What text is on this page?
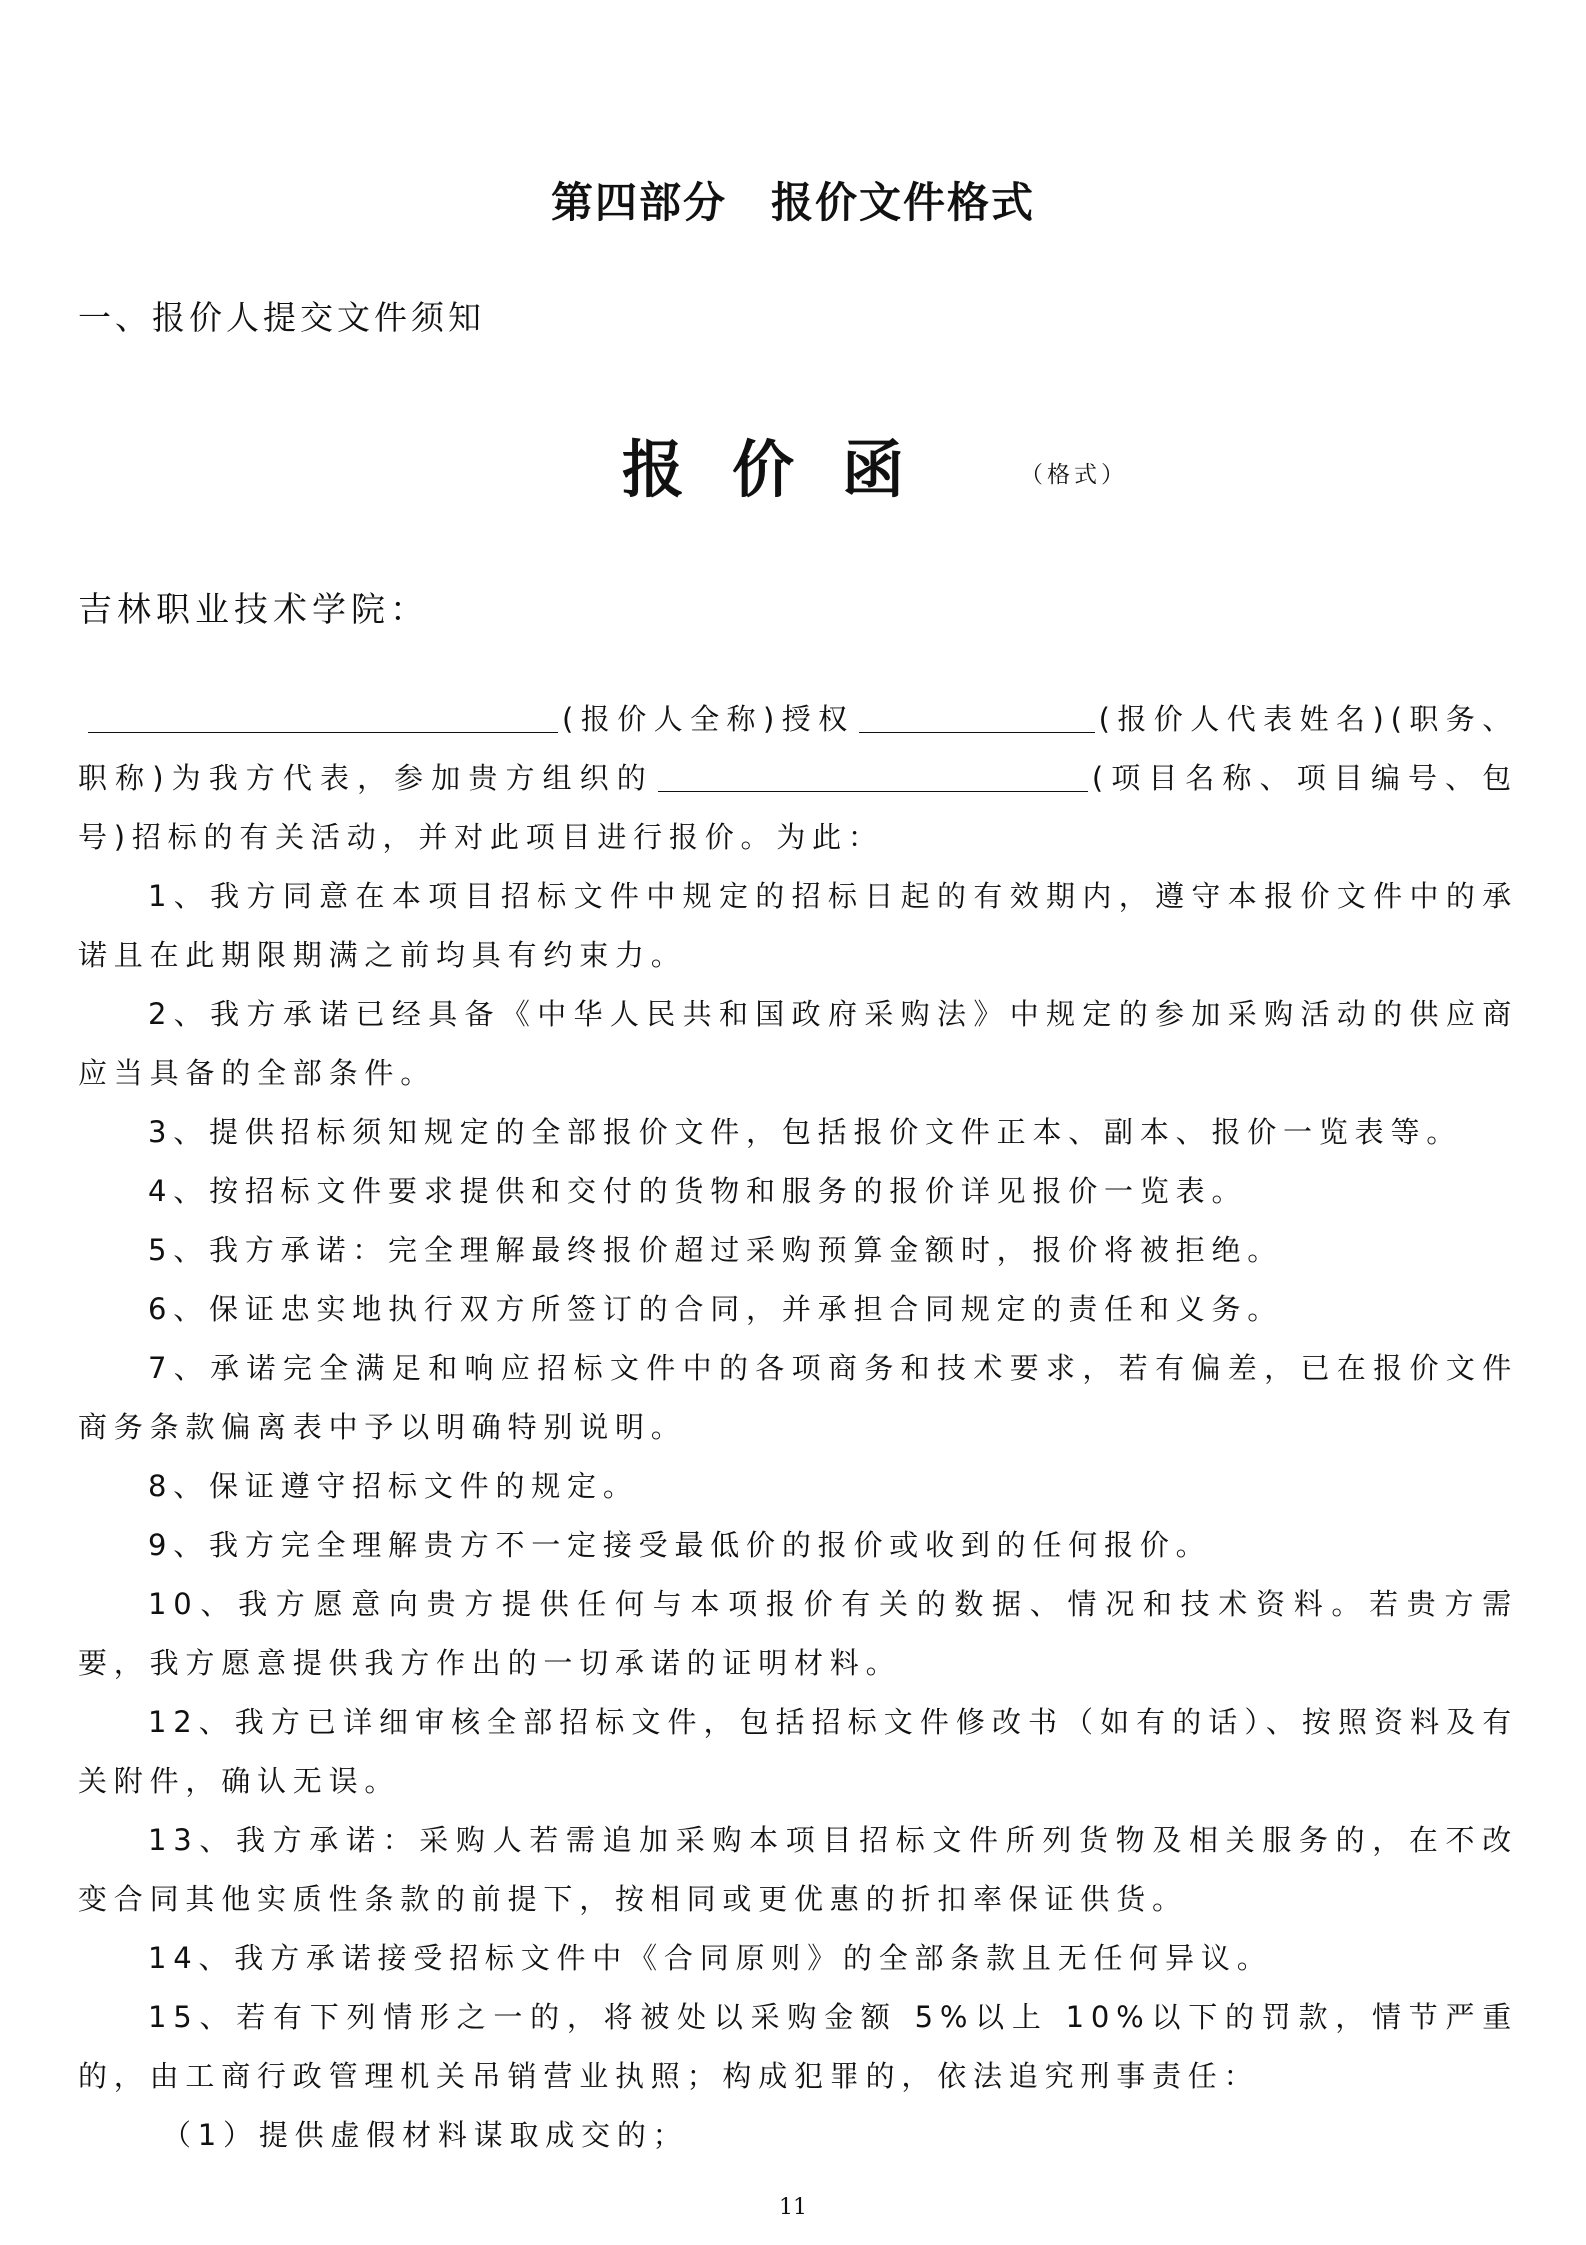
第四部分　报价文件格式
一、报价人提交文件须知
报价函	（格式）
吉林职业技术学院：

(报价人全称)授权	(报价人代表姓名)(职务、职称)为我方代表，参加贵方组织的	(项目名称、项目编号、包号)招标的有关活动，并对此项目进行报价。为此：

1、我方同意在本项目招标文件中规定的招标日起的有效期内，遵守本报价文件中的承诺且在此期限期满之前均具有约束力。

2、我方承诺已经具备《中华人民共和国政府采购法》中规定的参加采购活动的供应商应当具备的全部条件。

3、提供招标须知规定的全部报价文件，包括报价文件正本、副本、报价一览表等。

4、按招标文件要求提供和交付的货物和服务的报价详见报价一览表。

5、我方承诺：完全理解最终报价超过采购预算金额时，报价将被拒绝。

6、保证忠实地执行双方所签订的合同，并承担合同规定的责任和义务。

7、承诺完全满足和响应招标文件中的各项商务和技术要求，若有偏差，已在报价文件商务条款偏离表中予以明确特别说明。

8、保证遵守招标文件的规定。

9、我方完全理解贵方不一定接受最低价的报价或收到的任何报价。

10、我方愿意向贵方提供任何与本项报价有关的数据、情况和技术资料。若贵方需要，我方愿意提供我方作出的一切承诺的证明材料。

12、我方已详细审核全部招标文件，包括招标文件修改书（如有的话）、按照资料及有关附件，确认无误。

13、我方承诺：采购人若需追加采购本项目招标文件所列货物及相关服务的，在不改变合同其他实质性条款的前提下，按相同或更优惠的折扣率保证供货。

14、我方承诺接受招标文件中《合同原则》的全部条款且无任何异议。

15、若有下列情形之一的，将被处以采购金额 5%以上 10%以下的罚款，情节严重的，由工商行政管理机关吊销营业执照；构成犯罪的，依法追究刑事责任：

（1）提供虚假材料谋取成交的；

11
